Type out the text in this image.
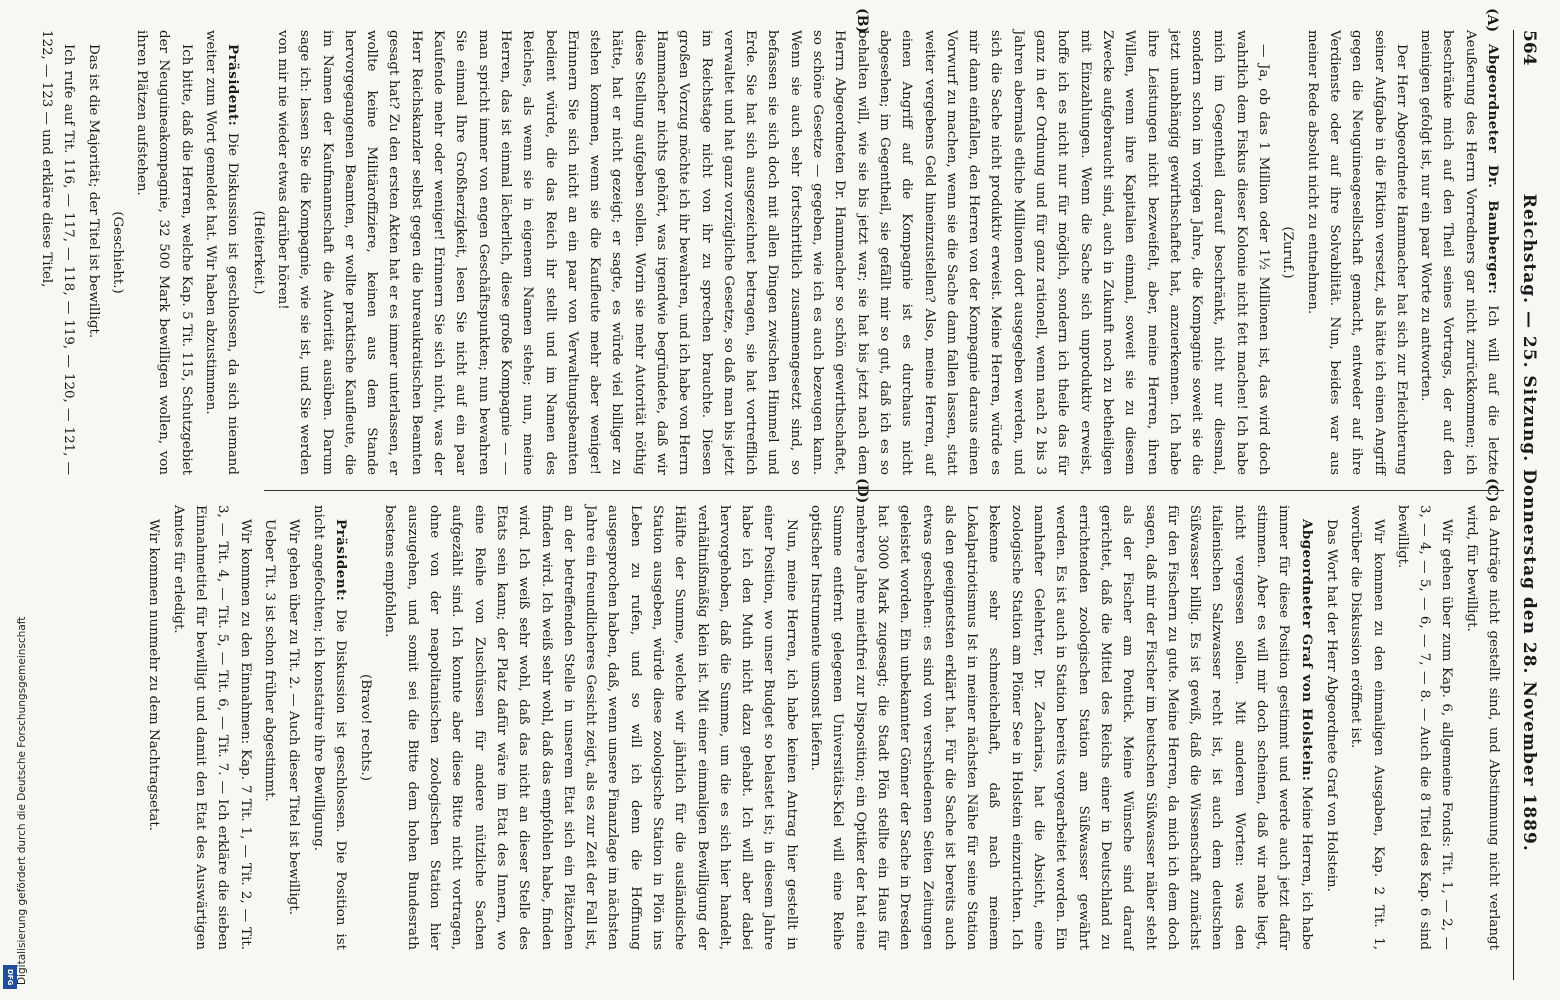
DFG Digitalisierung gefördert durch die Deutsche Forschungsgemeinschaft
564
Reichstag. — 25. Sitzung. Donnerstag den 28. November 1889.
(A)
(B)
(C)
(D)

Abgeordneter Dr. Bamberger: Ich will auf die letzte Aeußerung des Herrn Vorredners gar nicht zurückkommen; ich beschränke mich auf den Theil seines Vortrags, der auf den meinigen gefolgt ist, nur ein paar Worte zu antworten.

Der Herr Abgeordnete Hammacher hat sich zur Erleichterung seiner Aufgabe in die Fiktion versetzt, als hätte ich einen Angriff gegen die Neuguineagesellschaft gemacht, entweder auf ihre Verdienste oder auf ihre Solvabilität. Nun, beides war aus meiner Rede absolut nicht zu entnehmen.

(Zuruf.)

— Ja, ob das 1 Million oder 1½ Millionen ist, das wird doch wahrlich dem Fiskus dieser Kolonie nicht fett machen! Ich habe mich im Gegentheil darauf beschränkt, nicht nur diesmal, sondern schon im vorigen Jahre, die Kompagnie soweit sie die jetzt unabhängig gewirthschaftet hat, anzuerkennen. Ich habe ihre Leistungen nicht bezweifelt, aber, meine Herren, ihren Willen, wenn ihre Kapitalien einmal, soweit sie zu diesem Zwecke aufgebraucht sind, auch in Zukunft noch zu betheiligen mit Einzahlungen. Wenn die Sache sich unproduktiv erweist, hoffe ich es nicht nur für möglich, sondern ich theile das für ganz in der Ordnung und für ganz rationell, wenn nach 2 bis 3 Jahren abermals etliche Millionen dort ausgegeben werden, und sich die Sache nicht produktiv erweist. Meine Herren, würde es mir dann einfallen, den Herren von der Kompagnie daraus einen Vorwurf zu machen, wenn sie die Sache dann fallen lassen, statt weiter vergebens Geld hineinzustellen? Also, meine Herren, auf einen Angriff auf die Kompagnie ist es durchaus nicht abgesehen; im Gegentheil, sie gefällt mir so gut, daß ich es so behalten will, wie sie bis jetzt war; sie hat bis jetzt nach dem Herrn Abgeordneten Dr. Hammacher so schön gewirthschaftet, so schöne Gesetze — gegeben, wie ich es auch bezeugen kann. Wenn sie auch sehr fortschrittlich zusammengesetzt sind, so befassen sie sich doch mit allen Dingen zwischen Himmel und Erde. Sie hat sich ausgezeichnet betragen, sie hat vortrefflich verwaltet und hat ganz vorzügliche Gesetze, so daß man bis jetzt im Reichstage nicht von ihr zu sprechen brauchte. Diesen großen Vorzug möchte ich ihr bewahren, und ich habe von Herrn Hammacher nichts gehört, was irgendwie begründete, daß wir diese Stellung aufgeben sollen. Worin sie mehr Autorität nöthig hätte, hat er nicht gezeigt; er sagte, es würde viel billiger zu stehen kommen, wenn sie die Kaufleute mehr aber weniger! Erinnern Sie sich nicht an ein paar von Verwaltungsbeamten bedient würde, die das Reich ihr stellt und im Namen des Reiches, als wenn sie in eigenem Namen stehe; nun, meine Herren, das ist einmal lächerlich, diese große Kompagnie — — man spricht immer von engen Geschäftspunkten; nun bewahren Sie einmal Ihre Großherzigkeit, lesen Sie nicht auf ein paar Kaufende mehr oder weniger! Erinnern Sie sich nicht, was der Herr Reichskanzler selbst gegen die bureaukratischen Beamten gesagt hat? Zu den ersten Akten hat er es immer unterlassen, er wollte keine Militäroffiziere, keinen aus dem Stande hervorgegangenen Beamten, er wollte praktische Kaufleute, die im Namen der Kaufmannschaft die Autorität ausüben. Darum sage ich: lassen Sie die Kompagnie, wie sie ist, und Sie werden von mir nie wieder etwas darüber hören!

(Heiterkeit.)

Präsident: Die Diskussion ist geschlossen, da sich niemand weiter zum Wort gemeldet hat. Wir haben abzustimmen.

Ich bitte, daß die Herren, welche Kap. 5 Tit. 115, Schutzgebiet der Neuguineakompagnie, 32 500 Mark bewilligen wollen, von ihren Plätzen aufstehen.

(Geschieht.)

Das ist die Majorität; der Titel ist bewilligt.

Ich rufe auf Tit. 116, — 117, — 118, — 119, — 120, — 121, — 122, — 123 — und erkläre diese Titel,

da Anträge nicht gestellt sind, und Abstimmung nicht verlangt wird, für bewilligt.

Wir gehen über zum Kap. 6, allgemeine Fonds: Tit. 1, — 2, — 3, — 4, — 5, — 6, — 7, — 8. — Auch die 8 Titel des Kap. 6 sind bewilligt.

Wir kommen zu den einmaligen Ausgaben, Kap. 2 Tit. 1, worüber die Diskussion eröffnet ist.

Das Wort hat der Herr Abgeordnete Graf von Holstein.

Abgeordneter Graf von Holstein: Meine Herren, ich habe immer für diese Position gestimmt und werde auch jetzt dafür stimmen. Aber es will mir doch scheinen, daß wir nahe liegt, nicht vergessen sollen. Mit anderen Worten: was den italienischen Salzwasser recht ist, ist auch dem deutschen Süßwasser billig. Es ist gewiß, daß die Wissenschaft zunächst für den Fischern zu gute. Meine Herren, da mich ich dem doch sagen, daß mir der Fischer im beutschen Süßwasser näher steht als der Fischer am Pontick. Meine Wünsche sind darauf gerichtet, daß die Mittel des Reichs einer in Deutschland zu errichtenden zoologischen Station am Süßwasser gewährt werden. Es ist auch in Station bereits vorgearbeitet worden. Ein namhafter Gelehrter, Dr. Zacharias, hat die Absicht, eine zoologische Station am Plöner See in Holstein einzurichten. Ich bekenne sehr schmeichelhaft, daß nach meinem Lokalpatriotismus Ist in meiner nächsten Nähe für seine Station als den geeignetsten erklärt hat. Für die Sache ist bereits auch etwas geschehen: es sind von verschiedenen Seiten Zeitungen geleistet worden. Ein unbekannter Gönner der Sache in Dresden hat 3000 Mark zugesagt; die Stadt Plön stellte ein Haus für mehrere Jahre miethfrei zur Disposition; ein Optiker der hat eine Summe entfernt gelegenen Universitäts-Kiel will eine Reihe optischer Instrumente umsonst liefern.

Nun, meine Herren, ich habe keinen Antrag hier gestellt in einer Position, wo unser Budget so belastet ist; in diesem Jahre habe ich den Muth nicht dazu gehabt. Ich will aber dabei hervorgehoben, daß die Summe, um die es sich hier handelt, verhältnißmäßig klein ist. Mit einer einmaligen Bewilligung der Hälfte der Summe, welche wir jährlich für die ausländische Station ausgeben, würde diese zoologische Station in Plön ins Leben zu rufen, und so will ich denn die Hoffnung ausgesprochen haben, daß, wenn unsere Finanzlage im nächsten Jahre ein freundlicheres Gesicht zeigt, als es zur Zeit der Fall ist, an der betreffenden Stelle in unserem Etat sich ein Plätzchen finden wird. Ich weiß sehr wohl, daß das empfohlen habe, finden wird. Ich weiß sehr wohl, daß das nicht an dieser Stelle des Etats sein kann; der Platz dafür wäre im Etat des Innern, wo eine Reihe von Zuschüssen für andere nützliche Sachen aufgezählt sind. Ich konnte aber diese Bitte nicht vortragen, ohne von der neapolitanischen zoologischen Station hier auszugehen, und somit sei die Bitte dem hohen Bundesrath bestens empfohlen.

(Bravo! rechts.)

Präsident: Die Diskussion ist geschlossen. Die Position ist nicht angefochten; ich konstatire ihre Bewilligung.

Wir gehen über zu Tit. 2. — Auch dieser Titel ist bewilligt.

Ueber Tit. 3 ist schon früher abgestimmt.

Wir kommen zu den Einnahmen: Kap. 7 Tit. 1, — Tit. 2, — Tit. 3, — Tit. 4, — Tit. 5, — Tit. 6, — Tit. 7. — Ich erkläre die sieben Einnahmetitel für bewilligt und damit den Etat des Auswärtigen Amtes für erledigt.

Wir kommen nunmehr zu dem Nachtragsetat.
